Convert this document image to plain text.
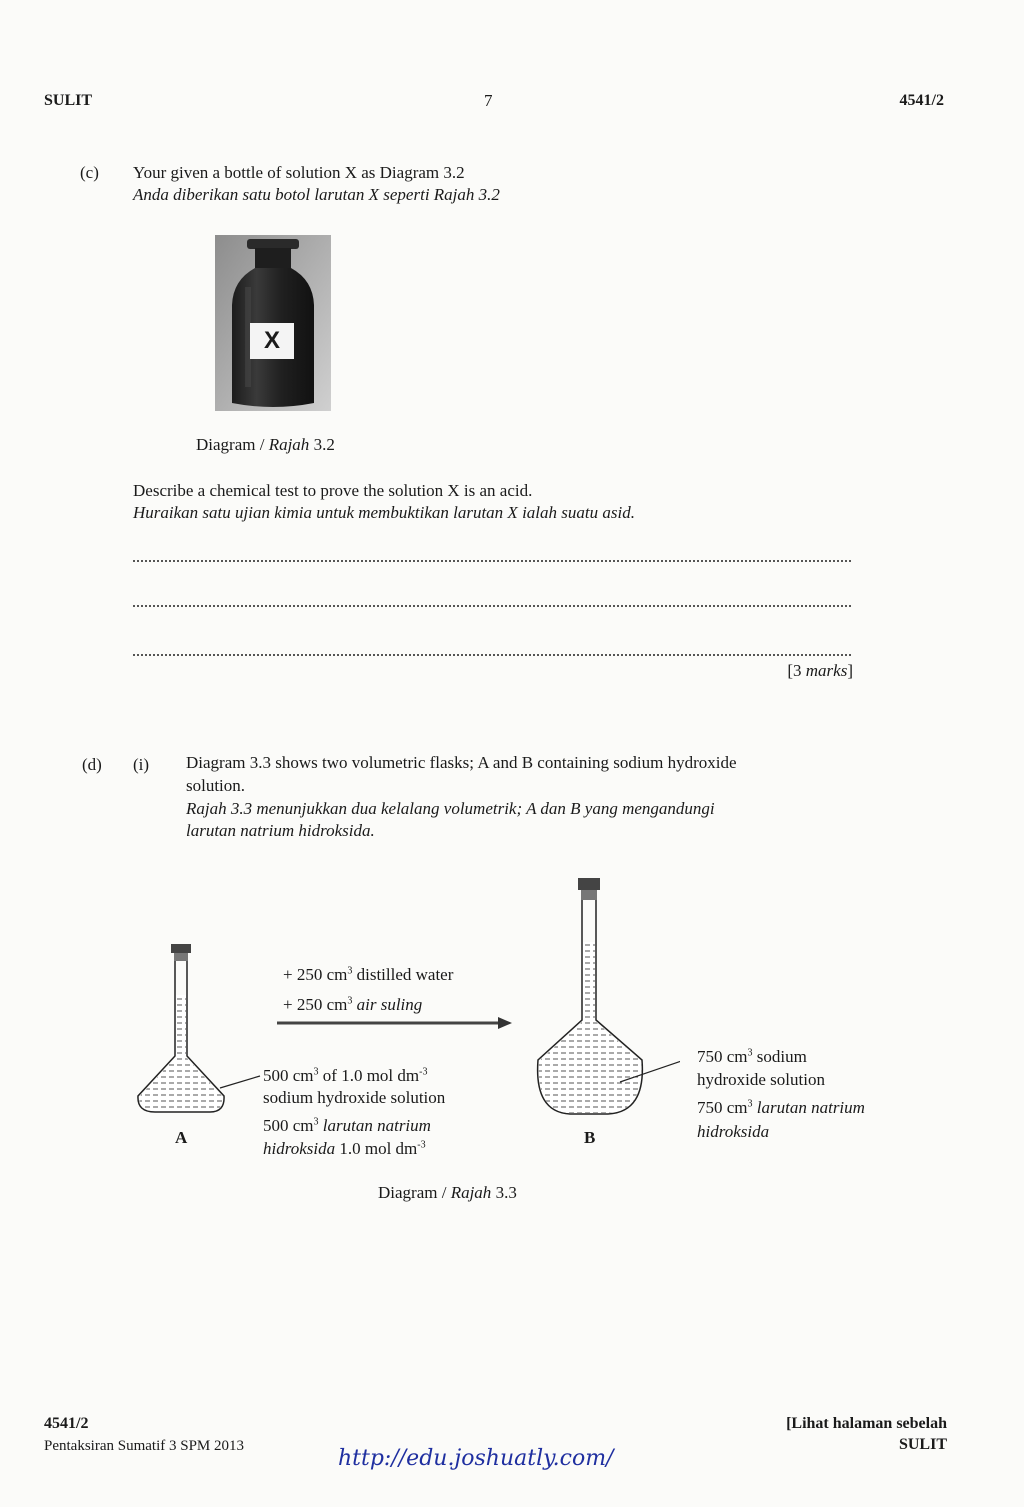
SULIT	7	4541/2
(c) Your given a bottle of solution X as Diagram 3.2
Anda diberikan satu botol larutan X seperti Rajah 3.2
X
Diagram / Rajah 3.2
Describe a chemical test to prove the solution X is an acid.
Huraikan satu ujian kimia untuk membuktikan larutan X ialah suatu asid.
[3 marks]
(d) (i) Diagram 3.3 shows two volumetric flasks; A and B containing sodium hydroxide
solution.
Rajah 3.3 menunjukkan dua kelalang volumetrik; A dan B yang mengandungi
larutan natrium hidroksida.
A	B
+ 250 $cm^3$ distilled water
+ 250 $cm^3$ air suling
500 $cm^3$ of 1.0 mol $dm^{-3}$
sodium hydroxide solution
500 $cm^3$ larutan natrium
hidroksida 1.0 mol $dm^{-3}$
750 $cm^3$ sodium
hydroxide solution
750 $cm^3$ larutan natrium
hidroksida
Diagram / Rajah 3.3
4541/2
Pentaksiran Sumatif 3 SPM 2013	http://edu.joshuatly.com/
[Lihat halaman sebelah
SULIT
